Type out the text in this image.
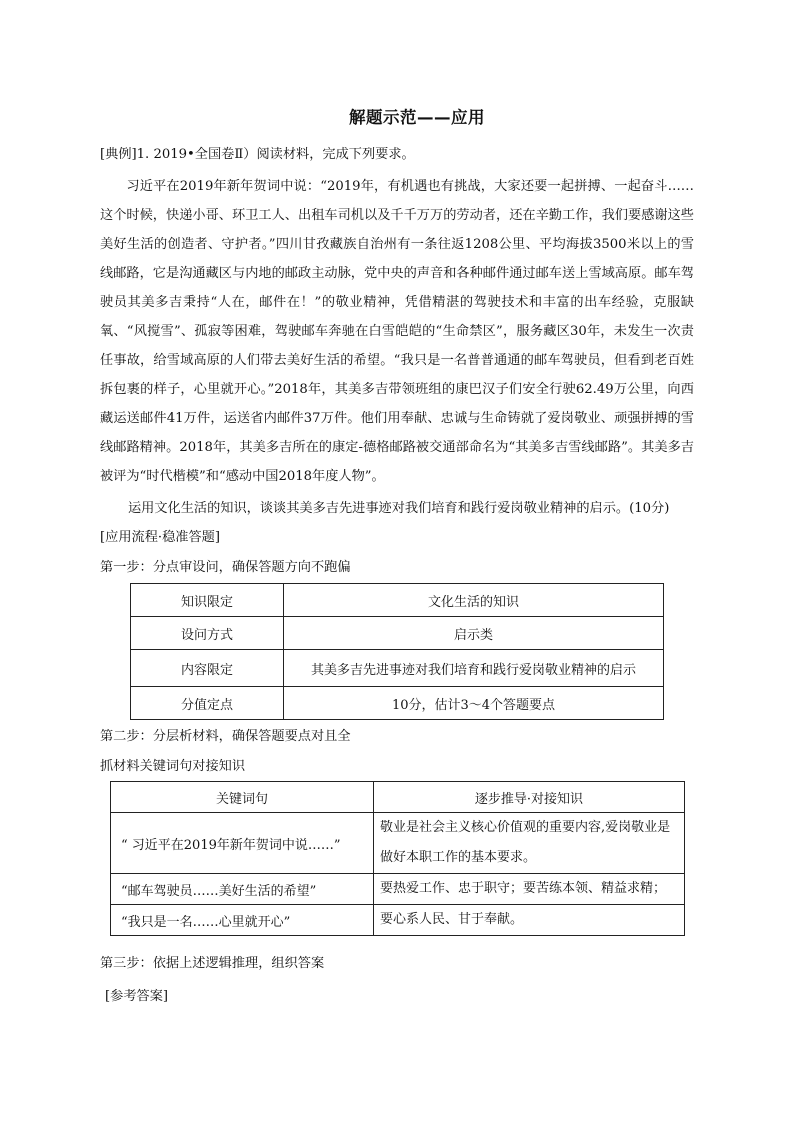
解题示范——应用
[典例]1. 2019•全国卷Ⅱ）阅读材料，完成下列要求。

习近平在2019年新年贺词中说：“2019年，有机遇也有挑战，大家还要一起拼搏、一起奋斗……这个时候，快递小哥、环卫工人、出租车司机以及千千万万的劳动者，还在辛勤工作，我们要感谢这些美好生活的创造者、守护者。”四川甘孜藏族自治州有一条往返1208公里、平均海拔3500米以上的雪线邮路，它是沟通藏区与内地的邮政主动脉，党中央的声音和各种邮件通过邮车送上雪域高原。邮车驾驶员其美多吉秉持“人在，邮件在！”的敬业精神，凭借精湛的驾驶技术和丰富的出车经验，克服缺氧、“风搅雪”、孤寂等困难，驾驶邮车奔驰在白雪皑皑的“生命禁区”，服务藏区30年，未发生一次责任事故，给雪域高原的人们带去美好生活的希望。“我只是一名普普通通的邮车驾驶员，但看到老百姓拆包裹的样子，心里就开心。”2018年，其美多吉带领班组的康巴汉子们安全行驶62.49万公里，向西藏运送邮件41万件，运送省内邮件37万件。他们用奉献、忠诚与生命铸就了爱岗敬业、顽强拼搏的雪线邮路精神。2018年，其美多吉所在的康定-德格邮路被交通部命名为“其美多吉雪线邮路”。其美多吉被评为“时代楷模”和“感动中国2018年度人物”。

运用文化生活的知识，谈谈其美多吉先进事迹对我们培育和践行爱岗敬业精神的启示。(10分)
[应用流程·稳准答题]
第一步：分点审设问，确保答题方向不跑偏
知识限定	文化生活的知识
设问方式	启示类
内容限定	其美多吉先进事迹对我们培育和践行爱岗敬业精神的启示
分值定点	10分，估计3～4个答题要点
第二步：分层析材料，确保答题要点对且全
抓材料关键词句对接知识
关键词句	逐步推导·对接知识
“ 习近平在2019年新年贺词中说……”	敬业是社会主义核心价值观的重要内容,爱岗敬业是做好本职工作的基本要求。
“邮车驾驶员……美好生活的希望”	要热爱工作、忠于职守；要苦练本领、精益求精；
“我只是一名……心里就开心”	要心系人民、甘于奉献。
第三步：依据上述逻辑推理，组织答案
[参考答案]
